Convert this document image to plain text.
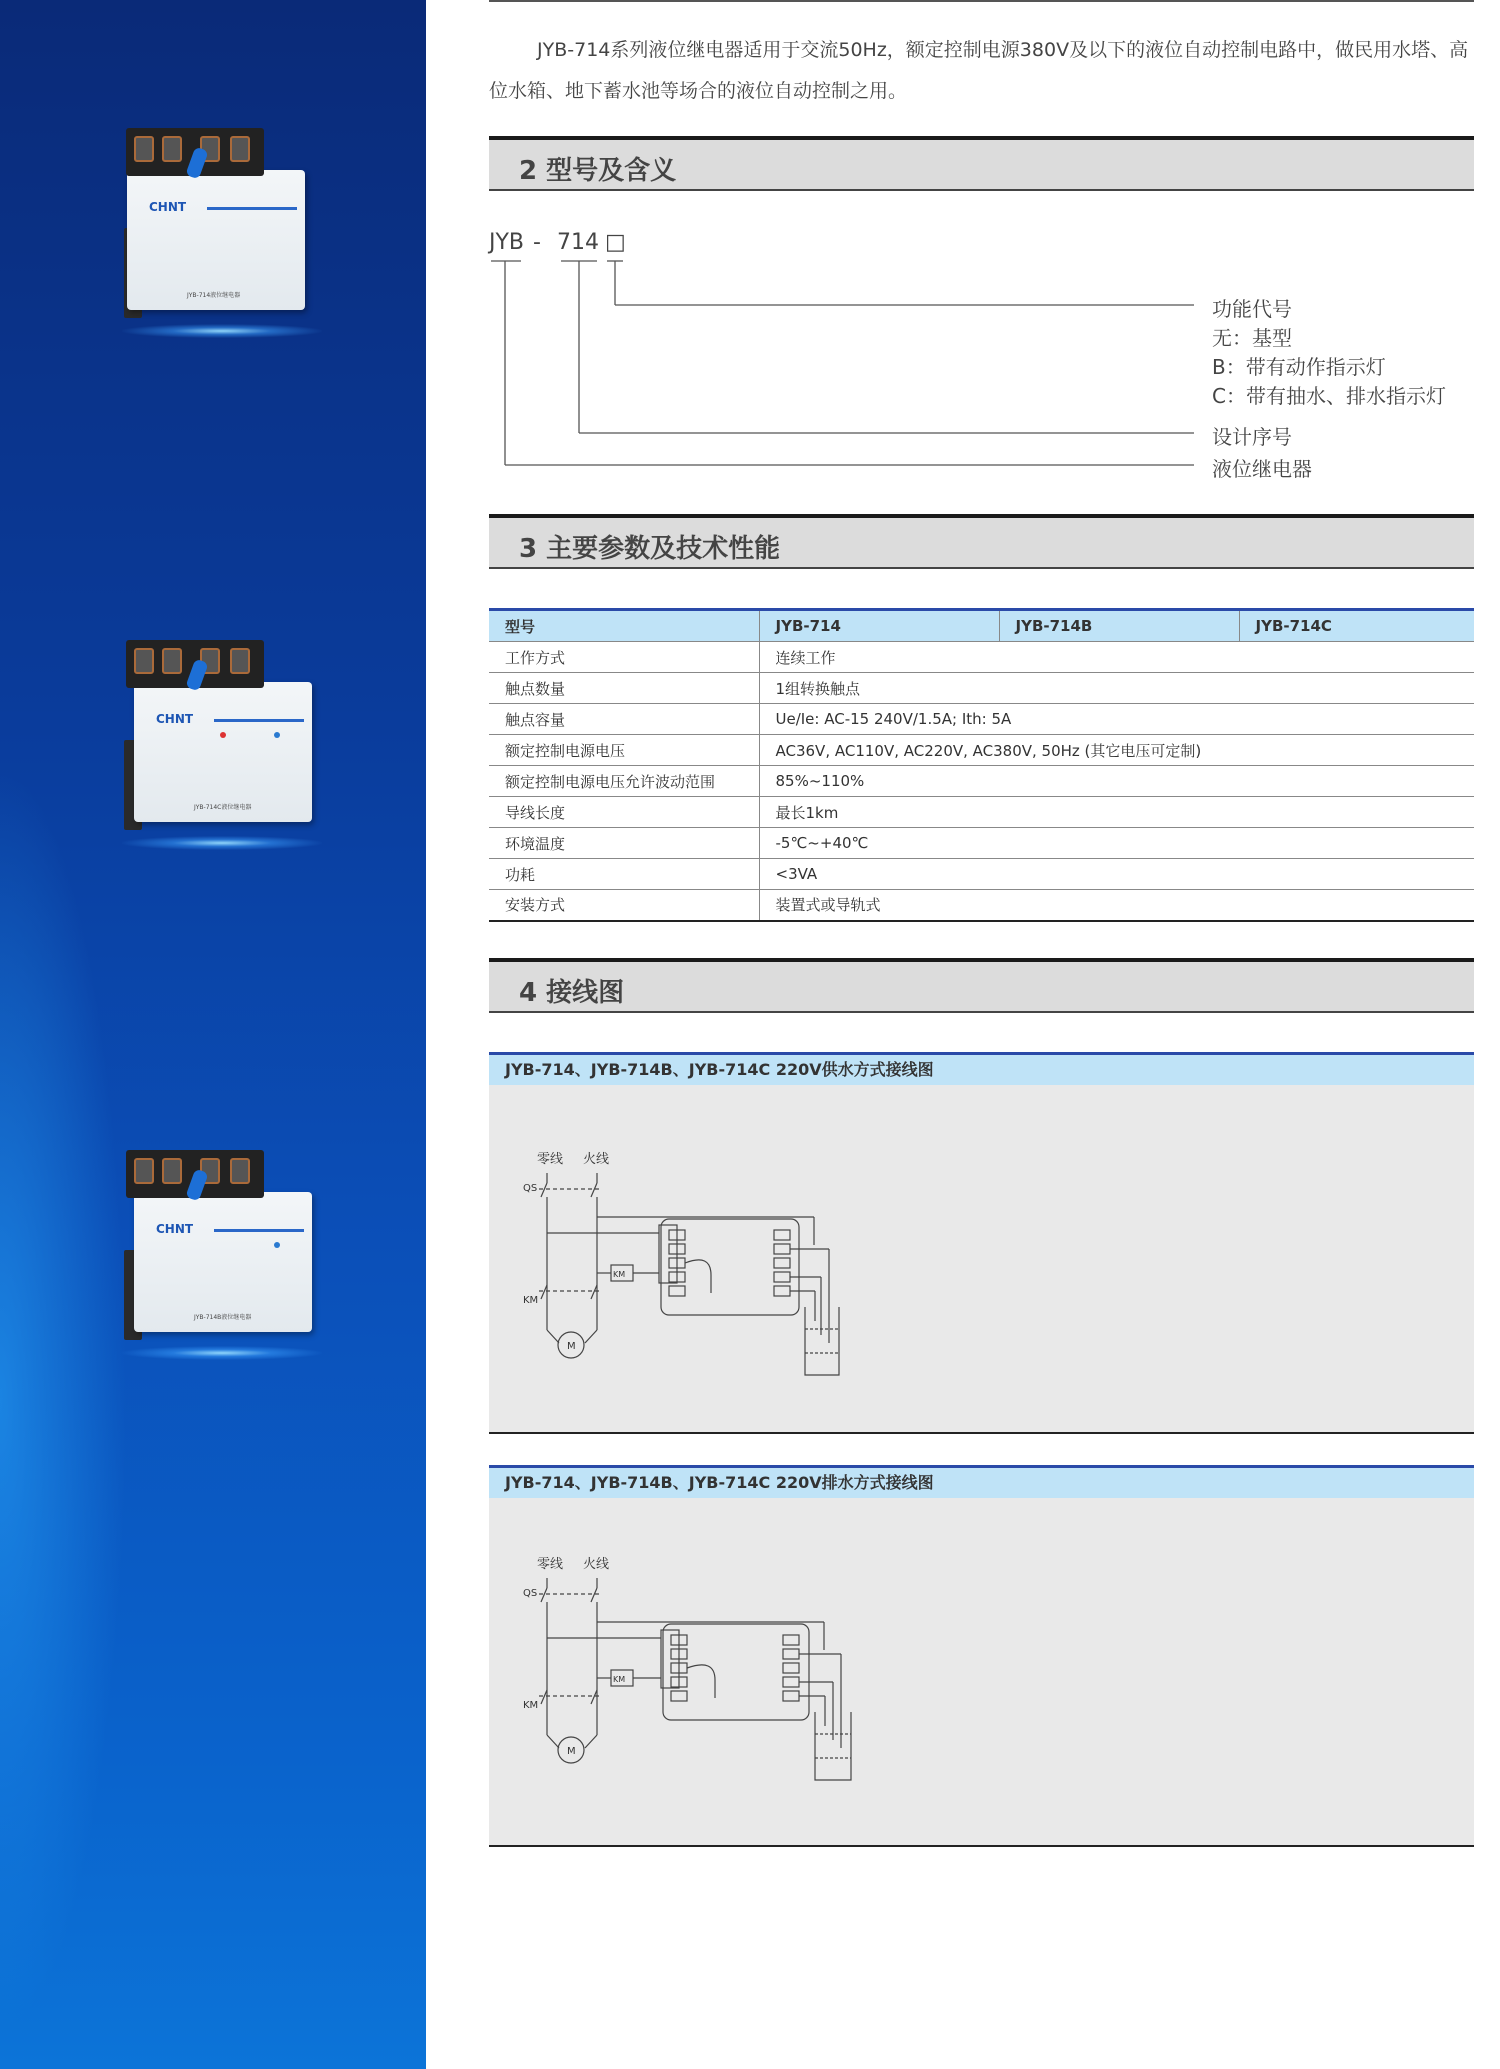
CHNT
JYB-714液位继电器
CHNT
JYB-714C液位继电器
CHNT
JYB-714B液位继电器

JYB-714系列液位继电器适用于交流50Hz，额定控制电源380V及以下的液位自动控制电路中，做民用水塔、高位水箱、地下蓄水池等场合的液位自动控制之用。

2 型号及含义
JYB - 714 □
功能代号
无：基型
B：带有动作指示灯
C：带有抽水、排水指示灯
设计序号
液位继电器
3 主要参数及技术性能
型号	JYB-714	JYB-714B	JYB-714C
工作方式	连续工作		
触点数量	1组转换触点		
触点容量	Ue/Ie: AC-15 240V/1.5A; Ith: 5A		
额定控制电源电压	AC36V, AC110V, AC220V, AC380V, 50Hz (其它电压可定制)		
额定控制电源电压允许波动范围	85%~110%		
导线长度	最长1km		
环境温度	-5℃~+40℃		
功耗	<3VA		
安装方式	装置式或导轨式		
4 接线图
JYB-714、JYB-714B、JYB-714C 220V供水方式接线图
零线 火线
QS
KM
M
KM
JYB-714、JYB-714B、JYB-714C 220V排水方式接线图
零线 火线
QS
KM
M
KM
